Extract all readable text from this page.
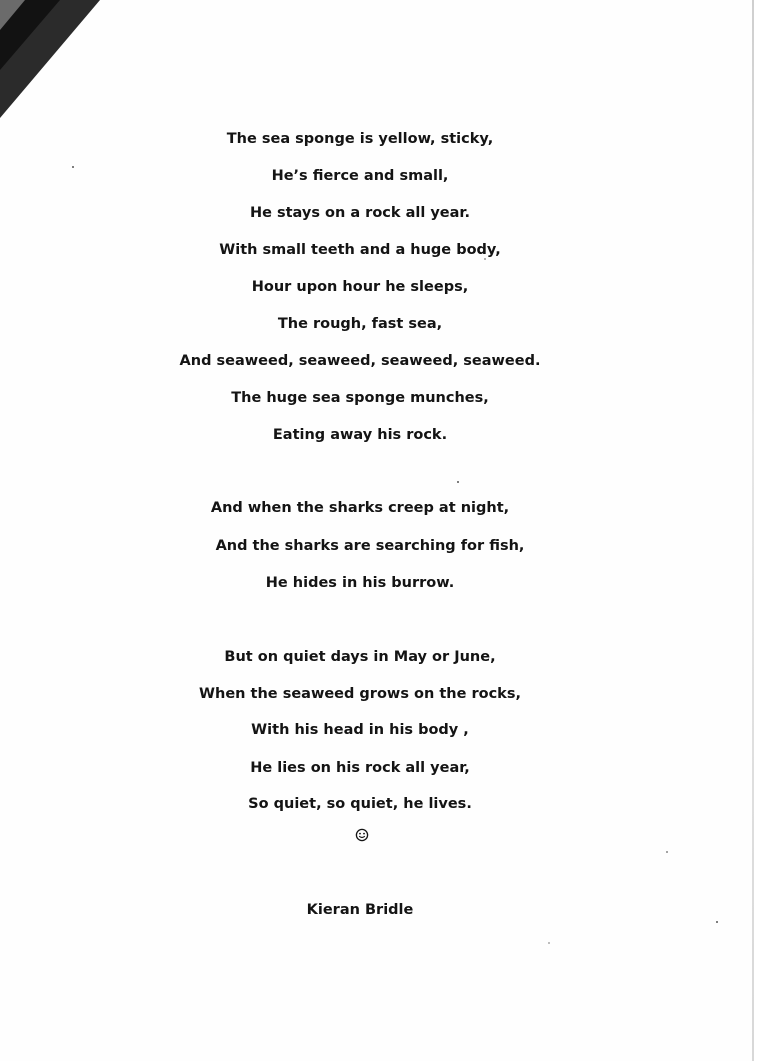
The sea sponge is yellow, sticky,
He’s fierce and small,
He stays on a rock all year.
With small teeth and a huge body,
Hour upon hour he sleeps,
The rough, fast sea,
And seaweed, seaweed, seaweed, seaweed.
The huge sea sponge munches,
Eating away his rock.
And when the sharks creep at night,
And the sharks are searching for fish,
He hides in his burrow.
But on quiet days in May or June,
When the seaweed grows on the rocks,
With his head in his body ,
He lies on his rock all year,
So quiet, so quiet, he lives.
Kieran Bridle
